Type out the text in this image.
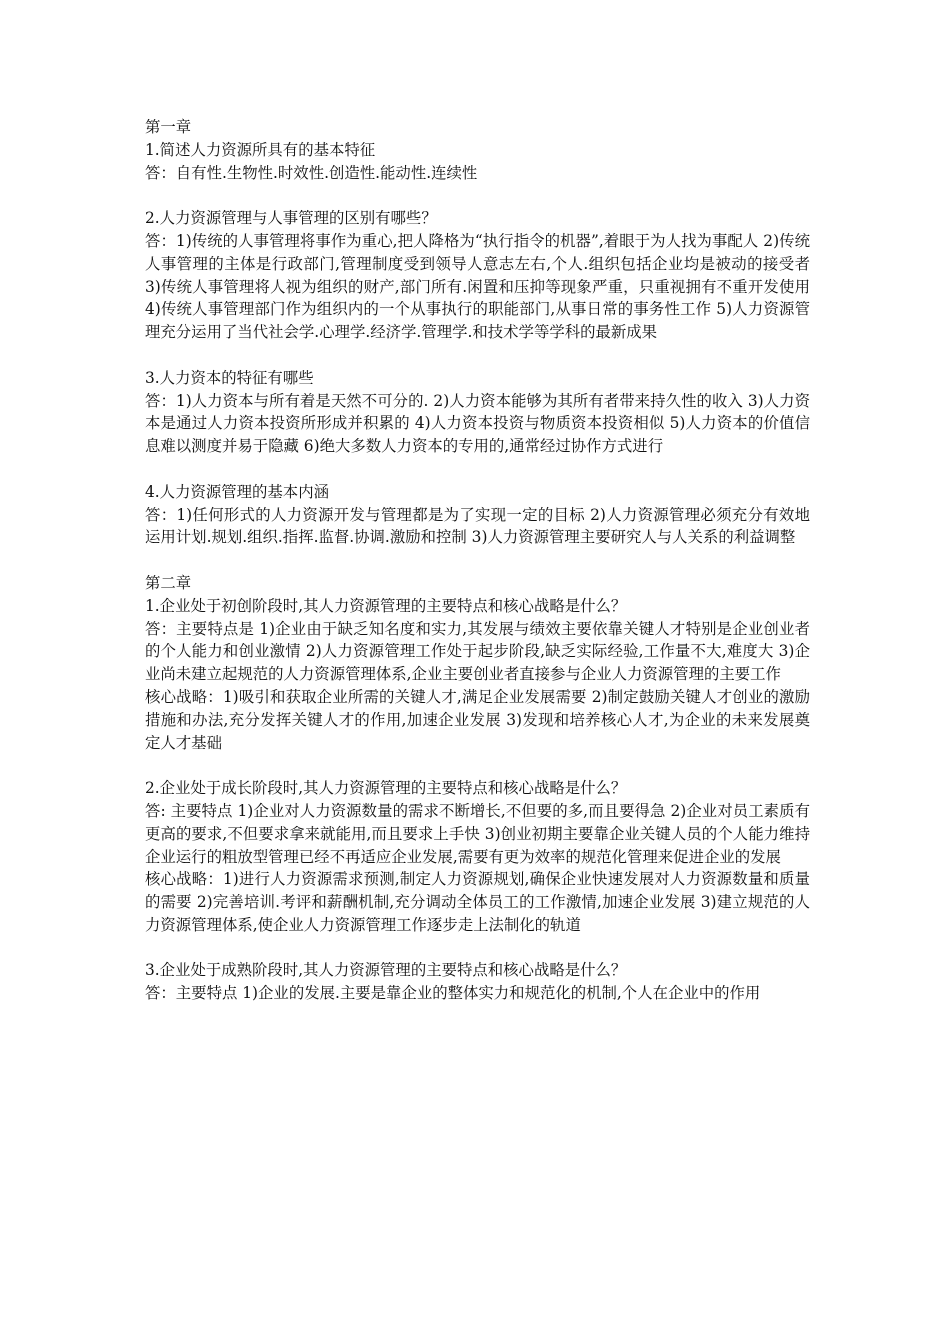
第一章

1.简述人力资源所具有的基本特征

答：自有性.生物性.时效性.创造性.能动性.连续性

2.人力资源管理与人事管理的区别有哪些？

答：1)传统的人事管理将事作为重心,把人降格为“执行指令的机器”,着眼于为人找为事配人 2)传统人事管理的主体是行政部门,管理制度受到领导人意志左右,个人.组织包括企业均是被动的接受者 3)传统人事管理将人视为组织的财产,部门所有.闲置和压抑等现象严重，只重视拥有不重开发使用 4)传统人事管理部门作为组织内的一个从事执行的职能部门,从事日常的事务性工作 5)人力资源管理充分运用了当代社会学.心理学.经济学.管理学.和技术学等学科的最新成果

3.人力资本的特征有哪些

答：1)人力资本与所有着是天然不可分的. 2)人力资本能够为其所有者带来持久性的收入 3)人力资本是通过人力资本投资所形成并积累的 4)人力资本投资与物质资本投资相似 5)人力资本的价值信息难以测度并易于隐藏 6)绝大多数人力资本的专用的,通常经过协作方式进行

4.人力资源管理的基本内涵

答：1)任何形式的人力资源开发与管理都是为了实现一定的目标 2)人力资源管理必须充分有效地运用计划.规划.组织.指挥.监督.协调.激励和控制 3)人力资源管理主要研究人与人关系的利益调整

第二章

1.企业处于初创阶段时,其人力资源管理的主要特点和核心战略是什么？

答：主要特点是 1)企业由于缺乏知名度和实力,其发展与绩效主要依靠关键人才特别是企业创业者的个人能力和创业激情 2)人力资源管理工作处于起步阶段,缺乏实际经验,工作量不大,难度大 3)企业尚未建立起规范的人力资源管理体系,企业主要创业者直接参与企业人力资源管理的主要工作

核心战略：1)吸引和获取企业所需的关键人才,满足企业发展需要 2)制定鼓励关键人才创业的激励措施和办法,充分发挥关键人才的作用,加速企业发展 3)发现和培养核心人才,为企业的未来发展奠定人才基础

2.企业处于成长阶段时,其人力资源管理的主要特点和核心战略是什么？

答: 主要特点 1)企业对人力资源数量的需求不断增长,不但要的多,而且要得急 2)企业对员工素质有更高的要求,不但要求拿来就能用,而且要求上手快 3)创业初期主要靠企业关键人员的个人能力维持企业运行的粗放型管理已经不再适应企业发展,需要有更为效率的规范化管理来促进企业的发展

核心战略：1)进行人力资源需求预测,制定人力资源规划,确保企业快速发展对人力资源数量和质量的需要 2)完善培训.考评和薪酬机制,充分调动全体员工的工作激情,加速企业发展 3)建立规范的人力资源管理体系,使企业人力资源管理工作逐步走上法制化的轨道

3.企业处于成熟阶段时,其人力资源管理的主要特点和核心战略是什么？

答：主要特点 1)企业的发展.主要是靠企业的整体实力和规范化的机制,个人在企业中的作用
